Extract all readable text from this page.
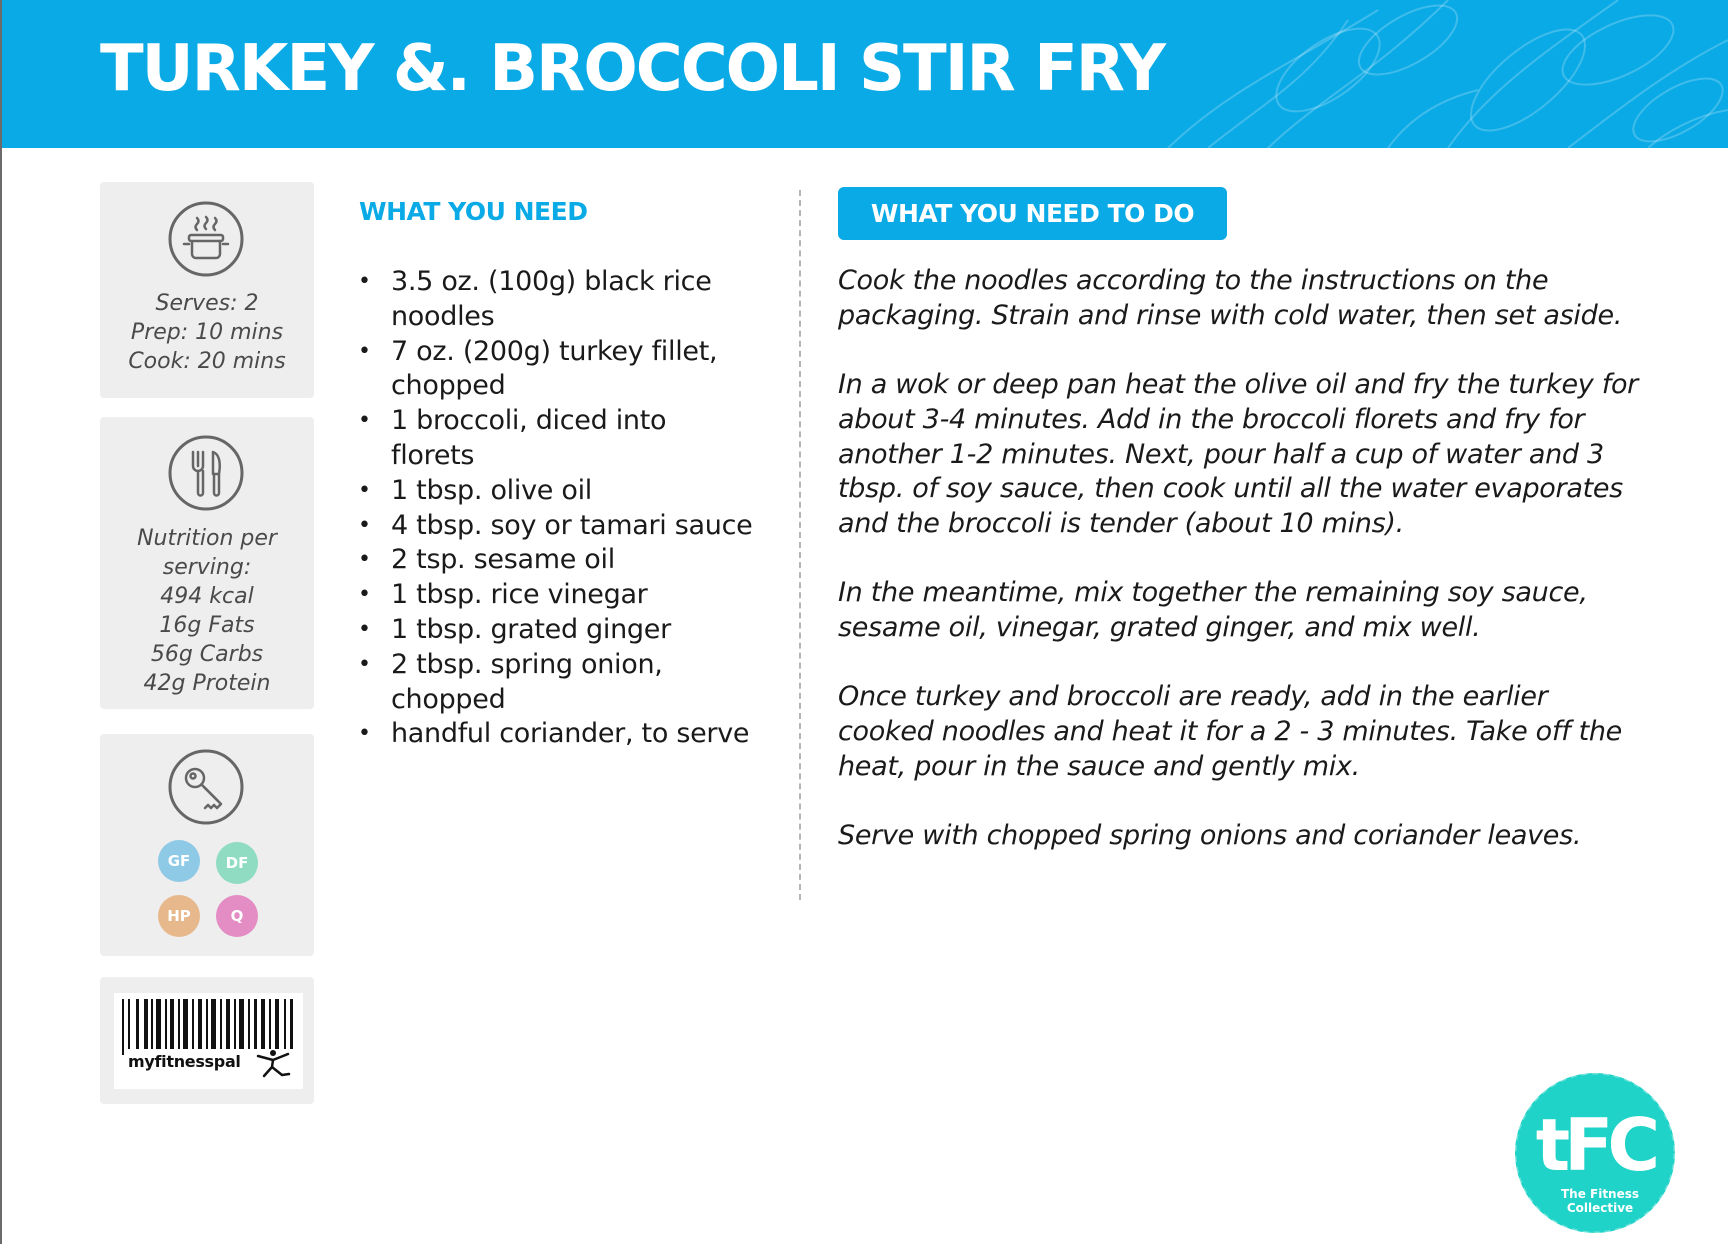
TURKEY &. BROCCOLI STIR FRY
Serves: 2
Prep: 10 mins
Cook: 20 mins
Nutrition per
serving:
494 kcal
16g Fats
56g Carbs
42g Protein
GF	DF
HP	Q
myfitnesspal
WHAT YOU NEED
• 3.5 oz. (100g) black rice
noodles
• 7 oz. (200g) turkey fillet,
chopped
• 1 broccoli, diced into
florets
• 1 tbsp. olive oil
• 4 tbsp. soy or tamari sauce
• 2 tsp. sesame oil
• 1 tbsp. rice vinegar
• 1 tbsp. grated ginger
• 2 tbsp. spring onion,
chopped
• handful coriander, to serve
WHAT YOU NEED TO DO
Cook the noodles according to the instructions on the
packaging. Strain and rinse with cold water, then set aside.
In a wok or deep pan heat the olive oil and fry the turkey for
about 3-4 minutes. Add in the broccoli florets and fry for
another 1-2 minutes. Next, pour half a cup of water and 3
tbsp. of soy sauce, then cook until all the water evaporates
and the broccoli is tender (about 10 mins).
In the meantime, mix together the remaining soy sauce,
sesame oil, vinegar, grated ginger, and mix well.
Once turkey and broccoli are ready, add in the earlier
cooked noodles and heat it for a 2 - 3 minutes. Take off the
heat, pour in the sauce and gently mix.
Serve with chopped spring onions and coriander leaves.
tFC
The Fitness
Collective
